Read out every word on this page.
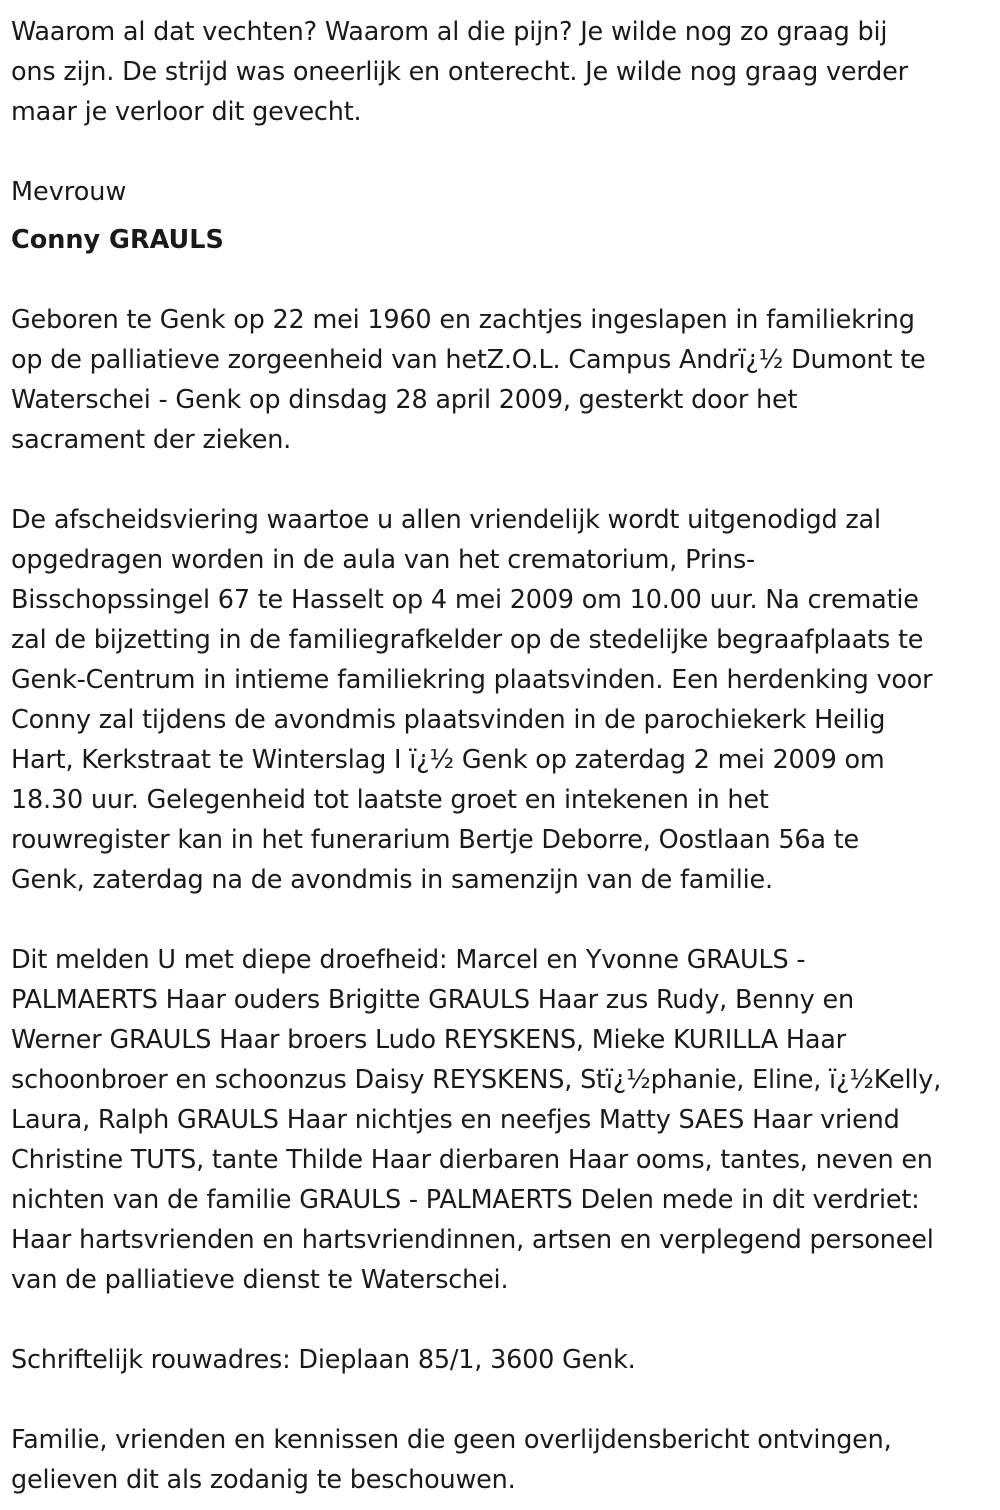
Waarom al dat vechten? Waarom al die pijn? Je wilde nog zo graag bij
ons zijn. De strijd was oneerlijk en onterecht. Je wilde nog graag verder
maar je verloor dit gevecht.

Mevrouw

Conny GRAULS

Geboren te Genk op 22 mei 1960 en zachtjes ingeslapen in familiekring
op de palliatieve zorgeenheid van hetZ.O.L. Campus Andrï¿½ Dumont te
Waterschei - Genk op dinsdag 28 april 2009, gesterkt door het
sacrament der zieken.

De afscheidsviering waartoe u allen vriendelijk wordt uitgenodigd zal
opgedragen worden in de aula van het crematorium, Prins-
Bisschopssingel 67 te Hasselt op 4 mei 2009 om 10.00 uur. Na crematie
zal de bijzetting in de familiegrafkelder op de stedelijke begraafplaats te
Genk-Centrum in intieme familiekring plaatsvinden. Een herdenking voor
Conny zal tijdens de avondmis plaatsvinden in de parochiekerk Heilig
Hart, Kerkstraat te Winterslag I ï¿½ Genk op zaterdag 2 mei 2009 om
18.30 uur. Gelegenheid tot laatste groet en intekenen in het
rouwregister kan in het funerarium Bertje Deborre, Oostlaan 56a te
Genk, zaterdag na de avondmis in samenzijn van de familie.

Dit melden U met diepe droefheid: Marcel en Yvonne GRAULS -
PALMAERTS Haar ouders Brigitte GRAULS Haar zus Rudy, Benny en
Werner GRAULS Haar broers Ludo REYSKENS, Mieke KURILLA Haar
schoonbroer en schoonzus Daisy REYSKENS, Stï¿½phanie, Eline, ï¿½Kelly,
Laura, Ralph GRAULS Haar nichtjes en neefjes Matty SAES Haar vriend
Christine TUTS, tante Thilde Haar dierbaren Haar ooms, tantes, neven en
nichten van de familie GRAULS - PALMAERTS Delen mede in dit verdriet:
Haar hartsvrienden en hartsvriendinnen, artsen en verplegend personeel
van de palliatieve dienst te Waterschei.

Schriftelijk rouwadres: Dieplaan 85/1, 3600 Genk.

Familie, vrienden en kennissen die geen overlijdensbericht ontvingen,
gelieven dit als zodanig te beschouwen.
